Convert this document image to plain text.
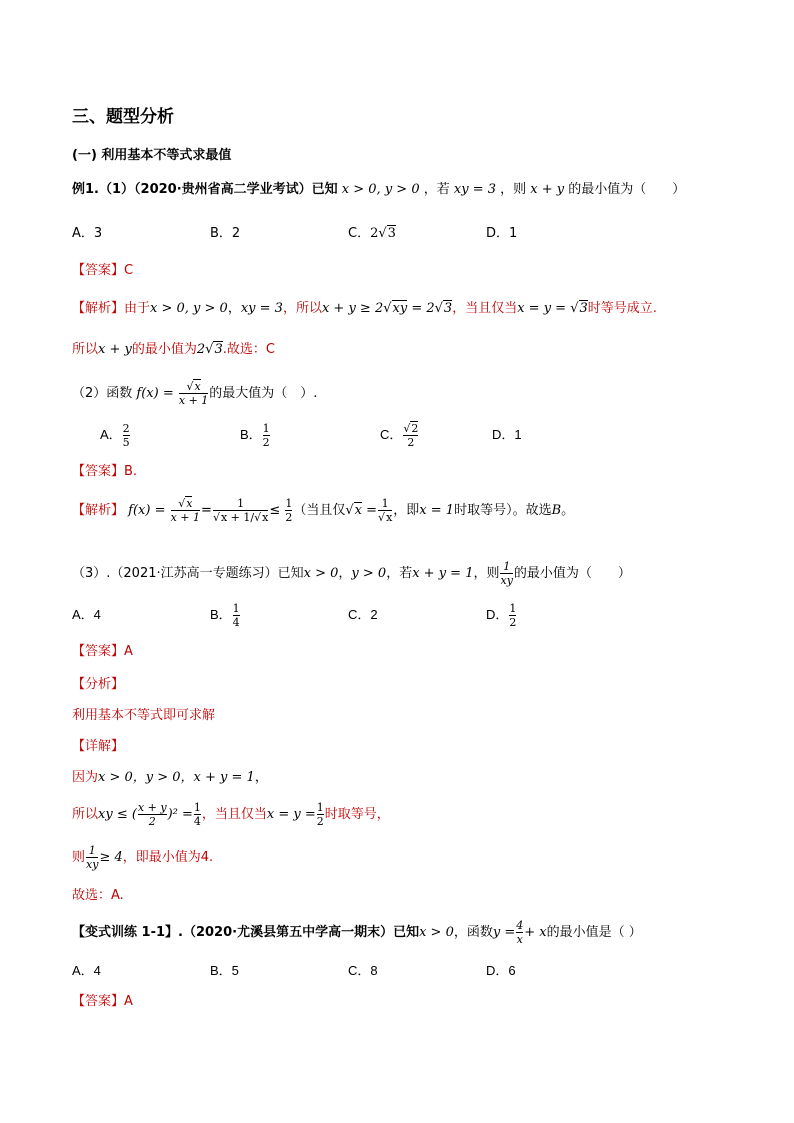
三、题型分析
(一) 利用基本不等式求最值
例1.（1）（2020·贵州省高二学业考试）已知 x > 0, y > 0 ，若 xy = 3 ，则 x + y 的最小值为（　　）
A．3	B．2	C．2√3	D．1
【答案】C
【解析】由于x > 0, y > 0，xy = 3，所以x + y ≥ 2√xy = 2√3，当且仅当x = y = √3时等号成立.
所以x + y的最小值为2√3.故选：C
（2）函数 $f(x) = \frac{√x}{x + 1}$ 的最大值为（　）.
A． $\frac{2}{5}$	B． $\frac{1}{2}$	C． $\frac{√2}{2}$	D．1
【答案】B.
【解析】 $f(x) = \frac{√x}{x + 1} = \frac{1}{√x + 1/√x} \le \frac{1}{2}$ （当且仅$√x = \frac{1}{√x}$ ，即x = 1时取等号）。故选B。
（3）.（2021·江苏高一专题练习）已知x > 0，y > 0，若x + y = 1，则 $\frac{1}{xy}$ 的最小值为（　　）
A．4	B． $\frac{1}{4}$	C．2	D． $\frac{1}{2}$
【答案】A
【分析】
利用基本不等式即可求解
【详解】
因为x > 0，y > 0，x + y = 1，
所以xy ≤ ( $\frac{x + y}{2} )^2 = \frac{1}{4}$ ，当且仅当$x = y = \frac{1}{2}$ 时取等号，
则 $\frac{1}{xy} \ge 4$，即最小值为4.
故选：A.
【变式训练 1-1】.（2020·尤溪县第五中学高一期末）已知x > 0，函数$y = \frac{4}{x} + x$的最小值是（ ）
A．4	B．5	C．8	D．6
【答案】A
